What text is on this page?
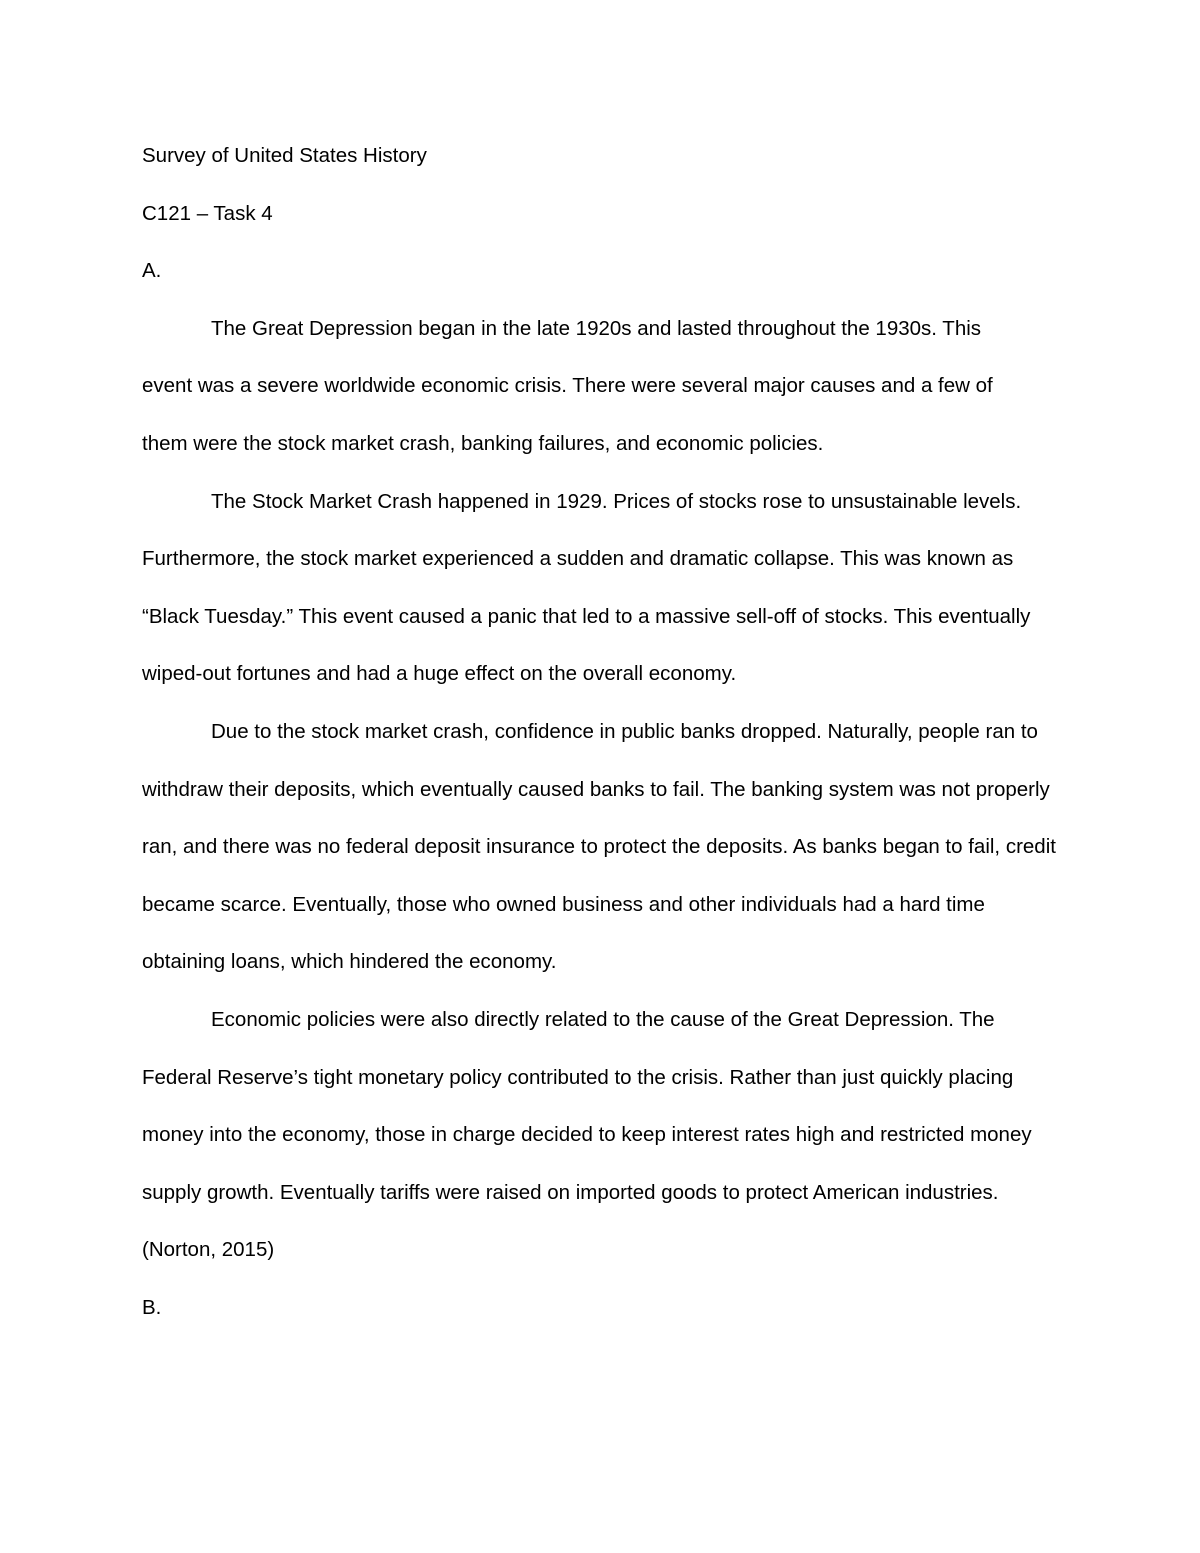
Survey of United States History

C121 – Task 4

A.

The Great Depression began in the late 1920s and lasted throughout the 1930s. This event was a severe worldwide economic crisis. There were several major causes and a few of them were the stock market crash, banking failures, and economic policies.

The Stock Market Crash happened in 1929. Prices of stocks rose to unsustainable levels. Furthermore, the stock market experienced a sudden and dramatic collapse. This was known as “Black Tuesday.” This event caused a panic that led to a massive sell-off of stocks. This eventually wiped-out fortunes and had a huge effect on the overall economy.

Due to the stock market crash, confidence in public banks dropped. Naturally, people ran to withdraw their deposits, which eventually caused banks to fail. The banking system was not properly ran, and there was no federal deposit insurance to protect the deposits. As banks began to fail, credit became scarce. Eventually, those who owned business and other individuals had a hard time obtaining loans, which hindered the economy.

Economic policies were also directly related to the cause of the Great Depression. The Federal Reserve’s tight monetary policy contributed to the crisis. Rather than just quickly placing money into the economy, those in charge decided to keep interest rates high and restricted money supply growth. Eventually tariffs were raised on imported goods to protect American industries. (Norton, 2015)

B.
